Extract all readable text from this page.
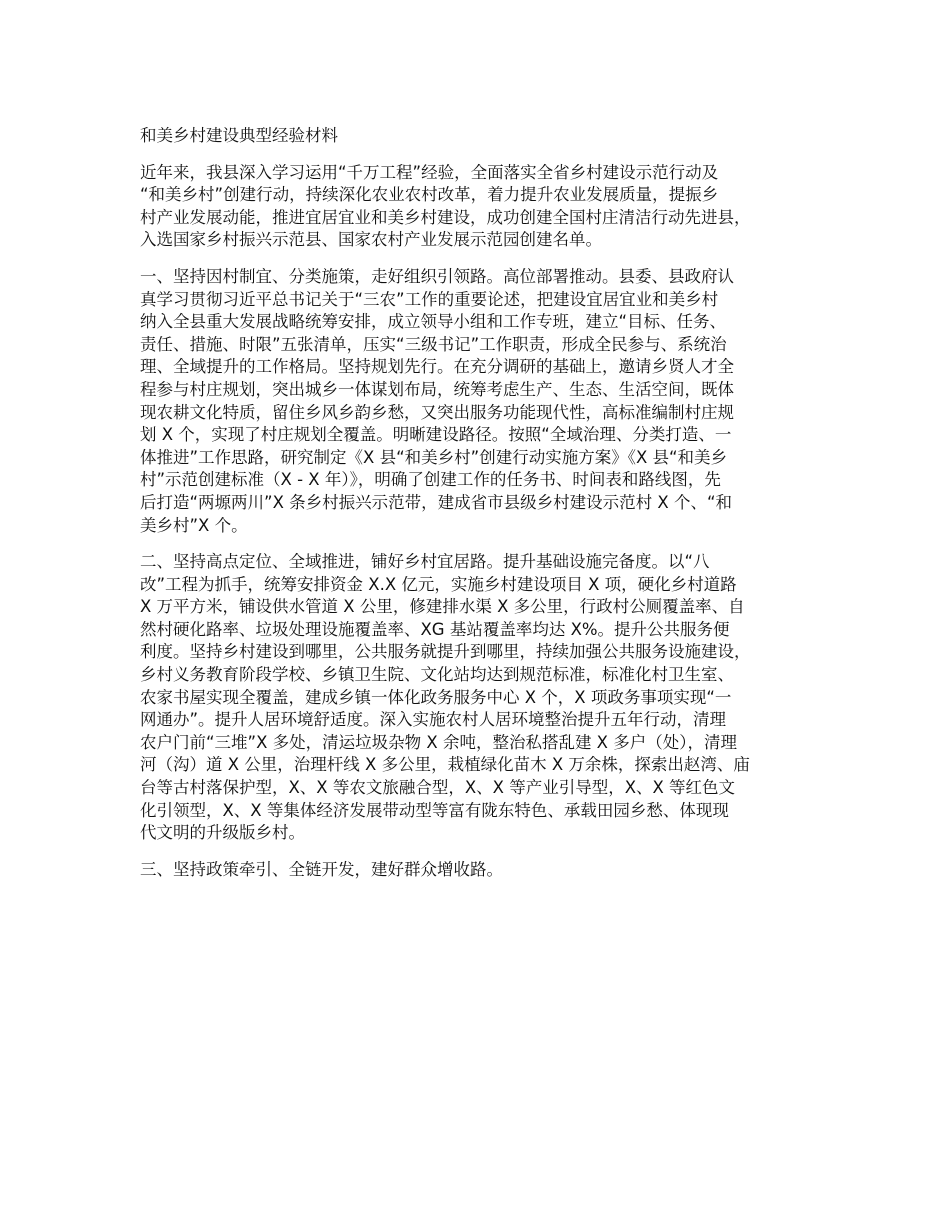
和美乡村建设典型经验材料
近年来，我县深入学习运用“千万工程”经验，全面落实全省乡村建设示范行动及
“和美乡村”创建行动，持续深化农业农村改革，着力提升农业发展质量，提振乡
村产业发展动能，推进宜居宜业和美乡村建设，成功创建全国村庄清洁行动先进县，
入选国家乡村振兴示范县、国家农村产业发展示范园创建名单。
一、坚持因村制宜、分类施策，走好组织引领路。高位部署推动。县委、县政府认
真学习贯彻习近平总书记关于“三农”工作的重要论述，把建设宜居宜业和美乡村
纳入全县重大发展战略统筹安排，成立领导小组和工作专班，建立“目标、任务、
责任、措施、时限”五张清单，压实“三级书记”工作职责，形成全民参与、系统治
理、全域提升的工作格局。坚持规划先行。在充分调研的基础上，邀请乡贤人才全
程参与村庄规划，突出城乡一体谋划布局，统筹考虑生产、生态、生活空间，既体
现农耕文化特质，留住乡风乡韵乡愁，又突出服务功能现代性，高标准编制村庄规
划 X 个，实现了村庄规划全覆盖。明晰建设路径。按照“全域治理、分类打造、一
体推进”工作思路，研究制定《X 县“和美乡村”创建行动实施方案》《X 县“和美乡
村”示范创建标准（X - X 年）》，明确了创建工作的任务书、时间表和路线图，先
后打造“两塬两川”X 条乡村振兴示范带，建成省市县级乡村建设示范村 X 个、“和
美乡村”X 个。
二、坚持高点定位、全域推进，铺好乡村宜居路。提升基础设施完备度。以“八
改”工程为抓手，统筹安排资金 X.X 亿元，实施乡村建设项目 X 项，硬化乡村道路
X 万平方米，铺设供水管道 X 公里，修建排水渠 X 多公里，行政村公厕覆盖率、自
然村硬化路率、垃圾处理设施覆盖率、XG 基站覆盖率均达 X%。提升公共服务便
利度。坚持乡村建设到哪里，公共服务就提升到哪里，持续加强公共服务设施建设，
乡村义务教育阶段学校、乡镇卫生院、文化站均达到规范标准，标准化村卫生室、
农家书屋实现全覆盖，建成乡镇一体化政务服务中心 X 个，X 项政务事项实现“一
网通办”。提升人居环境舒适度。深入实施农村人居环境整治提升五年行动，清理
农户门前“三堆”X 多处，清运垃圾杂物 X 余吨，整治私搭乱建 X 多户（处），清理
河（沟）道 X 公里，治理杆线 X 多公里，栽植绿化苗木 X 万余株，探索出赵湾、庙
台等古村落保护型，X、X 等农文旅融合型，X、X 等产业引导型，X、X 等红色文
化引领型，X、X 等集体经济发展带动型等富有陇东特色、承载田园乡愁、体现现
代文明的升级版乡村。
三、坚持政策牵引、全链开发，建好群众增收路。
